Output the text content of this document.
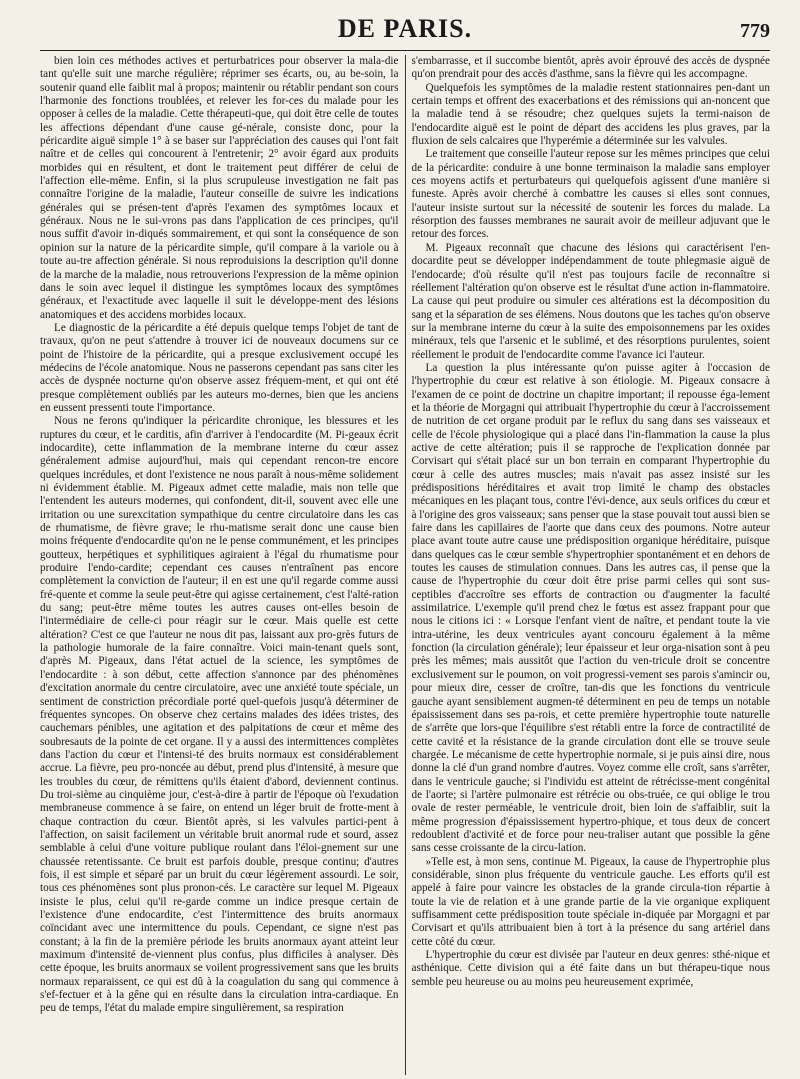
DE PARIS.	779

bien loin ces méthodes actives et perturbatrices pour observer la mala-die tant qu'elle suit une marche régulière; réprimer ses écarts, ou, au be-soin, la soutenir quand elle faiblit mal à propos; maintenir ou rétablir pendant son cours l'harmonie des fonctions troublées, et relever les for-ces du malade pour les opposer à celles de la maladie. Cette thérapeuti-que, qui doit être celle de toutes les affections dépendant d'une cause gé-nérale, consiste donc, pour la péricardite aiguë simple 1° à se baser sur l'appréciation des causes qui l'ont fait naître et de celles qui concourent à l'entretenir; 2° avoir égard aux produits morbides qui en résultent, et dont le traitement peut différer de celui de l'affection elle-même. Enfin, si la plus scrupuleuse investigation ne fait pas connaître l'origine de la maladie, l'auteur conseille de suivre les indications générales qui se présen-tent d'après l'examen des symptômes locaux et généraux. Nous ne le sui-vrons pas dans l'application de ces principes, qu'il nous suffit d'avoir in-diqués sommairement, et qui sont la conséquence de son opinion sur la nature de la péricardite simple, qu'il compare à la variole ou à toute au-tre affection générale. Si nous reproduisions la description qu'il donne de la marche de la maladie, nous retrouverions l'expression de la même opinion dans le soin avec lequel il distingue les symptômes locaux des symptômes généraux, et l'exactitude avec laquelle il suit le développe-ment des lésions anatomiques et des accidens morbides locaux.

Le diagnostic de la péricardite a été depuis quelque temps l'objet de tant de travaux, qu'on ne peut s'attendre à trouver ici de nouveaux documens sur ce point de l'histoire de la péricardite, qui a presque exclusivement occupé les médecins de l'école anatomique. Nous ne passerons cependant pas sans citer les accès de dyspnée nocturne qu'on observe assez fréquem-ment, et qui ont été presque complètement oubliés par les auteurs mo-dernes, bien que les anciens en eussent pressenti toute l'importance.

Nous ne ferons qu'indiquer la péricardite chronique, les blessures et les ruptures du cœur, et le carditis, afin d'arriver à l'endocardite (M. Pi-geaux écrit indocardite), cette inflammation de la membrane interne du cœur assez généralement admise aujourd'hui, mais qui cependant rencon-tre encore quelques incrédules, et dont l'existence ne nous paraît à nous-même solidement ni évidemment établie. M. Pigeaux admet cette maladie, mais non telle que l'entendent les auteurs modernes, qui confondent, dit-il, souvent avec elle une irritation ou une surexcitation sympathique du centre circulatoire dans les cas de rhumatisme, de fièvre grave; le rhu-matisme serait donc une cause bien moins fréquente d'endocardite qu'on ne le pense communément, et les principes goutteux, herpétiques et syphilitiques agiraient à l'égal du rhumatisme pour produire l'endo-cardite; cependant ces causes n'entraînent pas encore complètement la conviction de l'auteur; il en est une qu'il regarde comme aussi fré-quente et comme la seule peut-être qui agisse certainement, c'est l'alté-ration du sang; peut-être même toutes les autres causes ont-elles besoin de l'intermédiaire de celle-ci pour réagir sur le cœur. Mais quelle est cette altération? C'est ce que l'auteur ne nous dit pas, laissant aux pro-grès futurs de la pathologie humorale de la faire connaître. Voici main-tenant quels sont, d'après M. Pigeaux, dans l'état actuel de la science, les symptômes de l'endocardite : à son début, cette affection s'annonce par des phénomènes d'excitation anormale du centre circulatoire, avec une anxiété toute spéciale, un sentiment de constriction précordiale porté quel-quefois jusqu'à déterminer de fréquentes syncopes. On observe chez certains malades des idées tristes, des cauchemars pénibles, une agitation et des palpitations de cœur et même des soubresauts de la pointe de cet organe. Il y a aussi des intermittences complètes dans l'action du cœur et l'intensi-té des bruits normaux est considérablement accrue. La fièvre, peu pro-noncée au début, prend plus d'intensité, à mesure que les troubles du cœur, de rémittens qu'ils étaient d'abord, deviennent continus. Du troi-sième au cinquième jour, c'est-à-dire à partir de l'époque où l'exudation membraneuse commence à se faire, on entend un léger bruit de frotte-ment à chaque contraction du cœur. Bientôt après, si les valvules partici-pent à l'affection, on saisit facilement un véritable bruit anormal rude et sourd, assez semblable à celui d'une voiture publique roulant dans l'éloi-gnement sur une chaussée retentissante. Ce bruit est parfois double, presque continu; d'autres fois, il est simple et séparé par un bruit du cœur légèrement assourdi. Le soir, tous ces phénomènes sont plus pronon-cés. Le caractère sur lequel M. Pigeaux insiste le plus, celui qu'il re-garde comme un indice presque certain de l'existence d'une endocardite, c'est l'intermittence des bruits anormaux coïncidant avec une intermittence du pouls. Cependant, ce signe n'est pas constant; à la fin de la première période les bruits anormaux ayant atteint leur maximum d'intensité de-viennent plus confus, plus difficiles à analyser. Dès cette époque, les bruits anormaux se voilent progressivement sans que les bruits normaux reparaissent, ce qui est dû à la coagulation du sang qui commence à s'ef-fectuer et à la gêne qui en résulte dans la circulation intra-cardiaque. En peu de temps, l'état du malade empire singulièrement, sa respiration

s'embarrasse, et il succombe bientôt, après avoir éprouvé des accès de dyspnée qu'on prendrait pour des accès d'asthme, sans la fièvre qui les accompagne.

Quelquefois les symptômes de la maladie restent stationnaires pen-dant un certain temps et offrent des exacerbations et des rémissions qui an-noncent que la maladie tend à se résoudre; chez quelques sujets la termi-naison de l'endocardite aiguë est le point de départ des accidens les plus graves, par la fluxion de sels calcaires que l'hyperémie a déterminée sur les valvules.

Le traitement que conseille l'auteur repose sur les mêmes principes que celui de la péricardite: conduire à une bonne terminaison la maladie sans employer ces moyens actifs et perturbateurs qui quelquefois agissent d'une manière si funeste. Après avoir cherché à combattre les causes si elles sont connues, l'auteur insiste surtout sur la nécessité de soutenir les forces du malade. La résorption des fausses membranes ne saurait avoir de meilleur adjuvant que le retour des forces.

M. Pigeaux reconnaît que chacune des lésions qui caractérisent l'en-docardite peut se développer indépendamment de toute phlegmasie aiguë de l'endocarde; d'où résulte qu'il n'est pas toujours facile de reconnaître si réellement l'altération qu'on observe est le résultat d'une action in-flammatoire. La cause qui peut produire ou simuler ces altérations est la décomposition du sang et la séparation de ses élémens. Nous doutons que les taches qu'on observe sur la membrane interne du cœur à la suite des empoisonnemens par les oxides minéraux, tels que l'arsenic et le sublimé, et des résorptions purulentes, soient réellement le produit de l'endocardite comme l'avance ici l'auteur.

La question la plus intéressante qu'on puisse agiter à l'occasion de l'hypertrophie du cœur est relative à son étiologie. M. Pigeaux consacre à l'examen de ce point de doctrine un chapitre important; il repousse éga-lement et la théorie de Morgagni qui attribuait l'hypertrophie du cœur à l'accroissement de nutrition de cet organe produit par le reflux du sang dans ses vaisseaux et celle de l'école physiologique qui a placé dans l'in-flammation la cause la plus active de cette altération; puis il se rapproche de l'explication donnée par Corvisart qui s'était placé sur un bon terrain en comparant l'hypertrophie du cœur à celle des autres muscles; mais n'avait pas assez insisté sur les prédispositions héréditaires et avait trop limité le champ des obstacles mécaniques en les plaçant tous, contre l'évi-dence, aux seuls orifices du cœur et à l'origine des gros vaisseaux; sans penser que la stase pouvait tout aussi bien se faire dans les capillaires de l'aorte que dans ceux des poumons. Notre auteur place avant toute autre cause une prédisposition organique héréditaire, puisque dans quelques cas le cœur semble s'hypertrophier spontanément et en dehors de toutes les causes de stimulation connues. Dans les autres cas, il pense que la cause de l'hypertrophie du cœur doit être prise parmi celles qui sont sus-ceptibles d'accroître ses efforts de contraction ou d'augmenter la faculté assimilatrice. L'exemple qu'il prend chez le fœtus est assez frappant pour que nous le citions ici : « Lorsque l'enfant vient de naître, et pendant toute la vie intra-utérine, les deux ventricules ayant concouru également à la même fonction (la circulation générale); leur épaisseur et leur orga-nisation sont à peu près les mêmes; mais aussitôt que l'action du ven-tricule droit se concentre exclusivement sur le poumon, on voit progressi-vement ses parois s'amincir ou, pour mieux dire, cesser de croître, tan-dis que les fonctions du ventricule gauche ayant sensiblement augmen-té déterminent en peu de temps un notable épaississement dans ses pa-rois, et cette première hypertrophie toute naturelle de s'arrête que lors-que l'équilibre s'est rétabli entre la force de contractilité de cette cavité et la résistance de la grande circulation dont elle se trouve seule chargée. Le mécanisme de cette hypertrophie normale, si je puis ainsi dire, nous donne la clé d'un grand nombre d'autres. Voyez comme elle croît, sans s'arrêter, dans le ventricule gauche; si l'individu est atteint de rétrécisse-ment congénital de l'aorte; si l'artère pulmonaire est rétrécie ou obs-truée, ce qui oblige le trou ovale de rester perméable, le ventricule droit, bien loin de s'affaiblir, suit la même progression d'épaississement hypertro-phique, et tous deux de concert redoublent d'activité et de force pour neu-traliser autant que possible la gêne sans cesse croissante de la circu-lation.

»Telle est, à mon sens, continue M. Pigeaux, la cause de l'hypertrophie plus considérable, sinon plus fréquente du ventricule gauche. Les efforts qu'il est appelé à faire pour vaincre les obstacles de la grande circula-tion répartie à toute la vie de relation et à une grande partie de la vie organique expliquent suffisamment cette prédisposition toute spéciale in-diquée par Morgagni et par Corvisart et qu'ils attribuaient bien à tort à la présence du sang artériel dans cette côté du cœur.

L'hypertrophie du cœur est divisée par l'auteur en deux genres: sthé-nique et asthénique. Cette division qui a été faite dans un but thérapeu-tique nous semble peu heureuse ou au moins peu heureusement exprimée,
